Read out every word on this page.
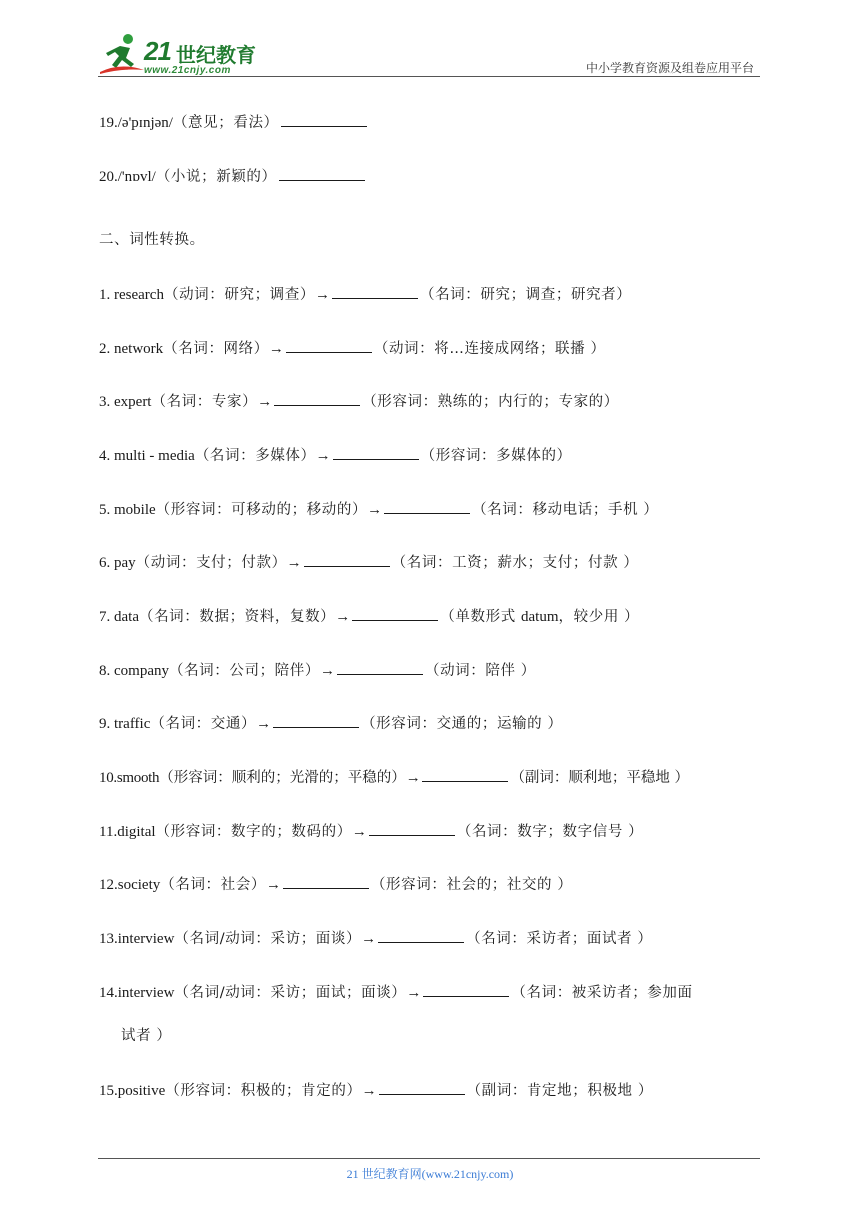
21 世纪教育
www.21cnjy.com	中小学教育资源及组卷应用平台
19./ə'pɪnjən/（意见；看法）
20./'nɒvl/（小说；新颖的）
二、词性转换。
1. research（动词：研究；调查）→	（名词：研究；调查；研究者）
2. network（名词：网络）→	（动词：将…连接成网络；联播 ）
3. expert（名词：专家）→	（形容词：熟练的；内行的；专家的）
4. multi - media（名词：多媒体）→	（形容词：多媒体的）
5. mobile（形容词：可移动的；移动的）→	（名词：移动电话；手机 ）
6. pay（动词：支付；付款）→	（名词：工资；薪水；支付；付款 ）
7. data（名词：数据；资料，复数）→	（单数形式 datum，较少用 ）
8. company（名词：公司；陪伴）→	（动词：陪伴 ）
9. traffic（名词：交通）→	（形容词：交通的；运输的 ）
10.smooth（形容词：顺利的；光滑的；平稳的）→	（副词：顺利地；平稳地 ）
11.digital（形容词：数字的；数码的）→	（名词：数字；数字信号 ）
12.society（名词：社会）→	（形容词：社会的；社交的 ）
13.interview（名词/动词：采访；面谈）→	（名词：采访者；面试者 ）
14.interview（名词/动词：采访；面试；面谈）→	（名词：被采访者；参加面
试者 ）
15.positive（形容词：积极的；肯定的）→	（副词：肯定地；积极地 ）
21 世纪教育网(www.21cnjy.com)
